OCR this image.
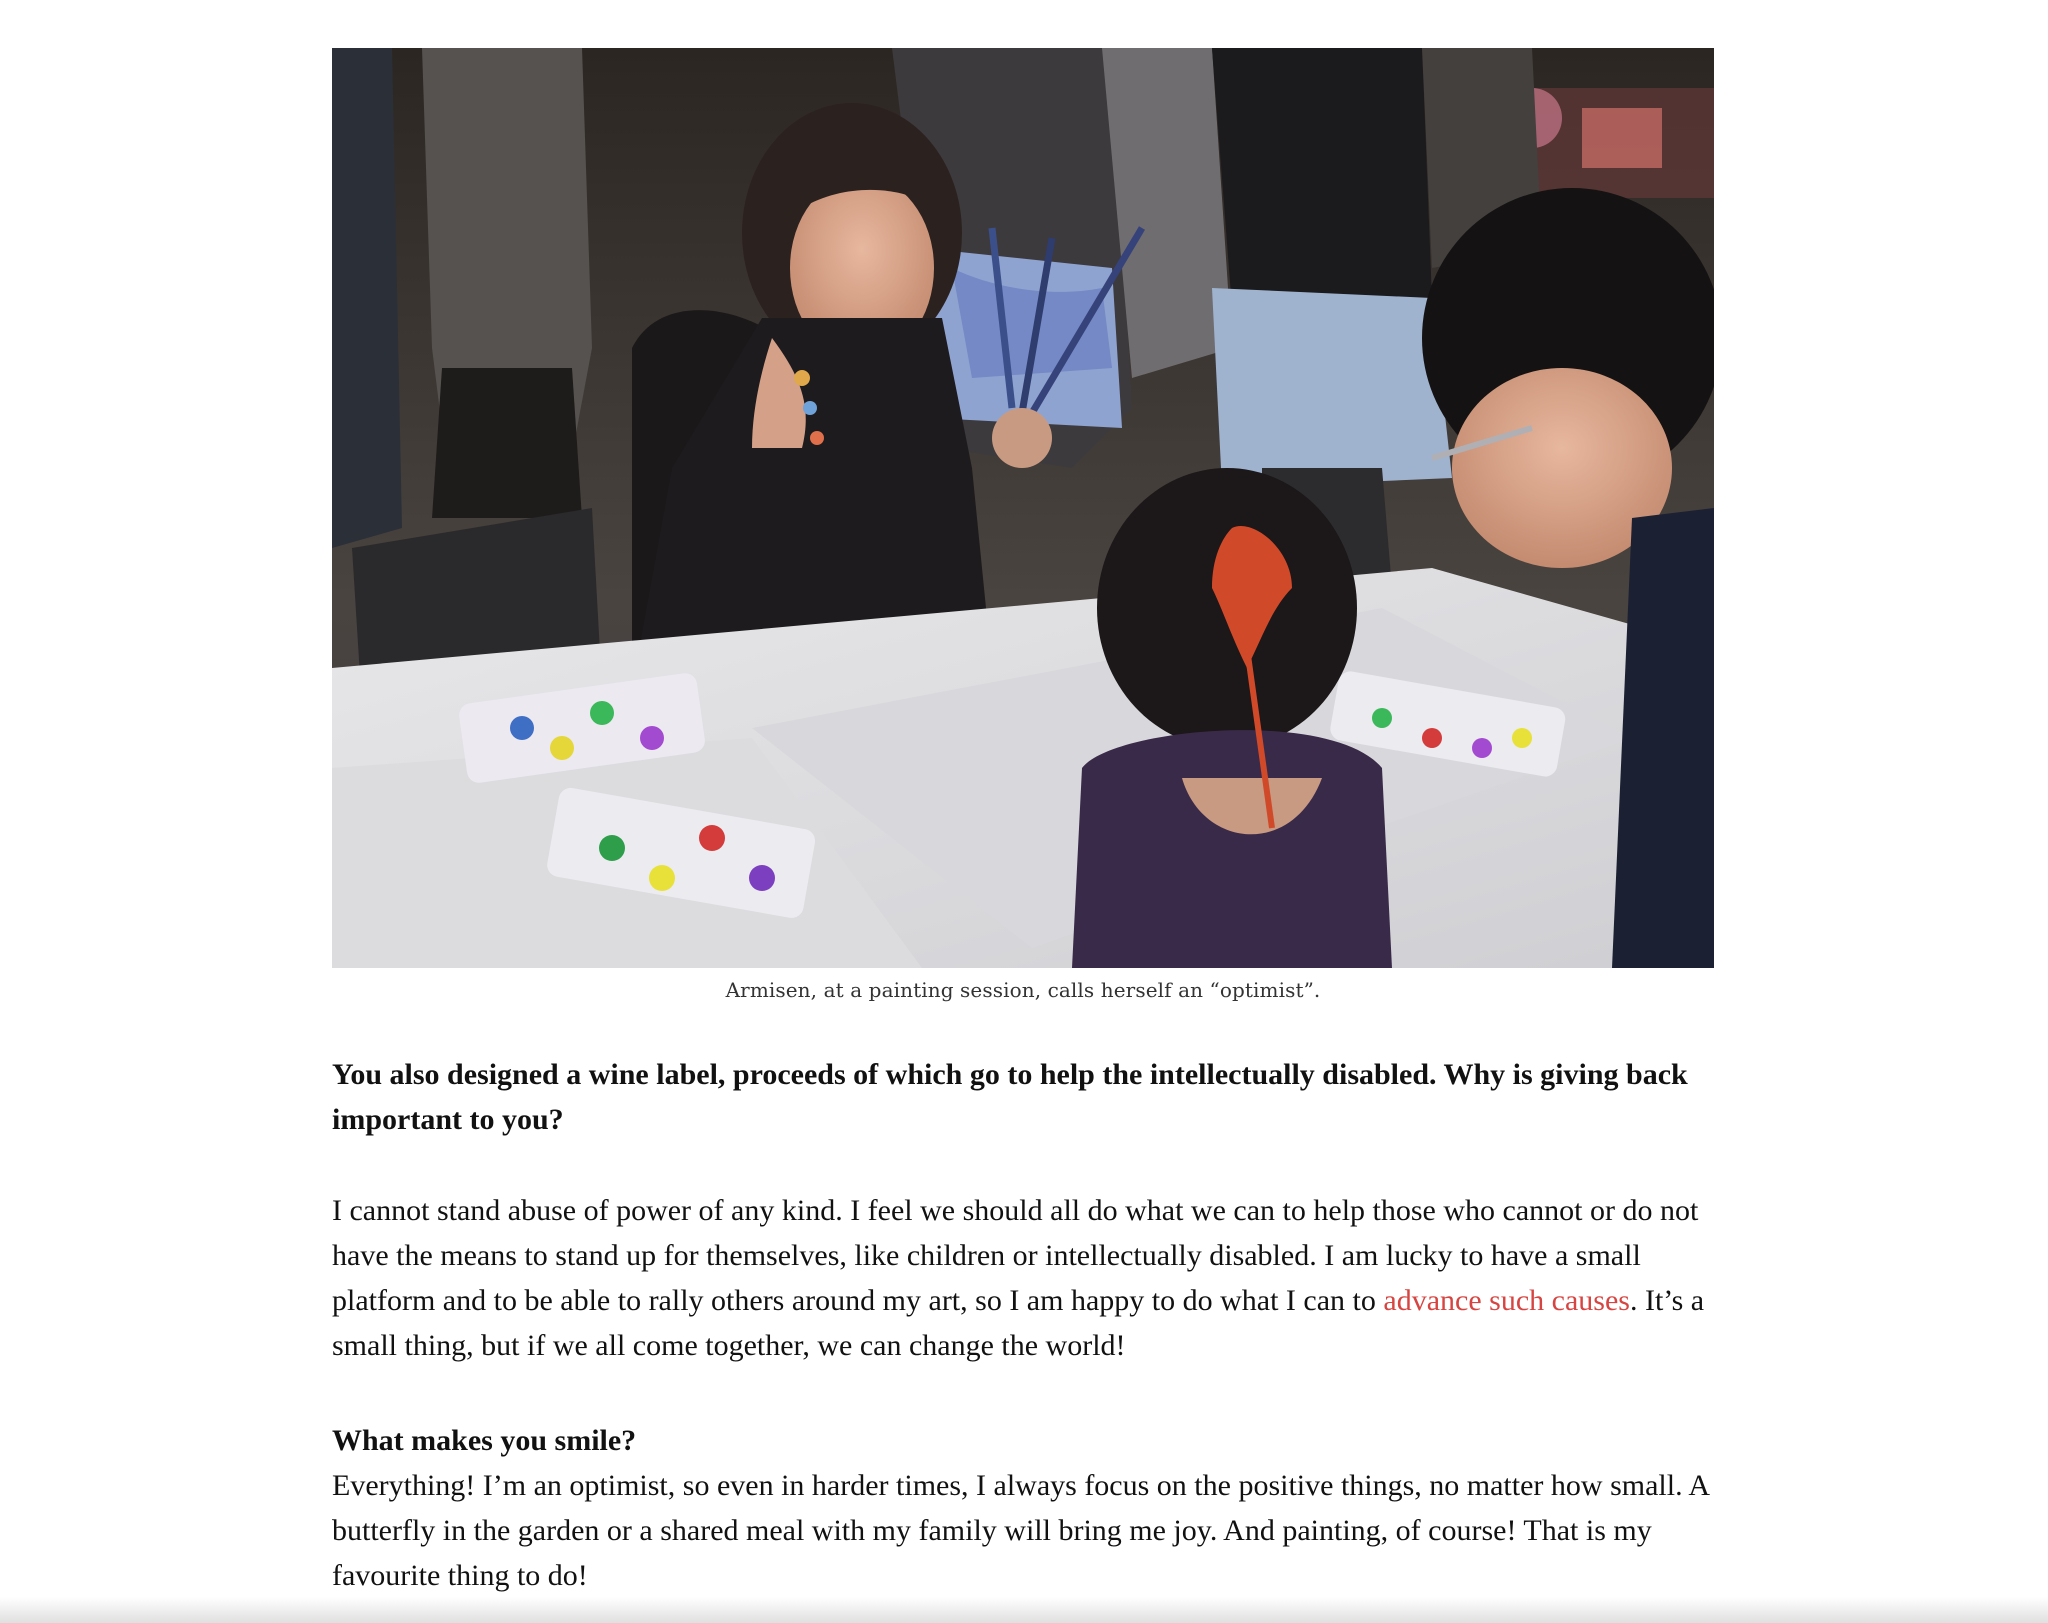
Armisen, at a painting session, calls herself an “optimist”.
You also designed a wine label, proceeds of which go to help the intellectually disabled. Why is giving back important to you?
I cannot stand abuse of power of any kind. I feel we should all do what we can to help those who cannot or do not have the means to stand up for themselves, like children or intellectually disabled. I am lucky to have a small platform and to be able to rally others around my art, so I am happy to do what I can to advance such causes. It’s a small thing, but if we all come together, we can change the world!
What makes you smile?
Everything! I’m an optimist, so even in harder times, I always focus on the positive things, no matter how small. A butterfly in the garden or a shared meal with my family will bring me joy. And painting, of course! That is my favourite thing to do!
